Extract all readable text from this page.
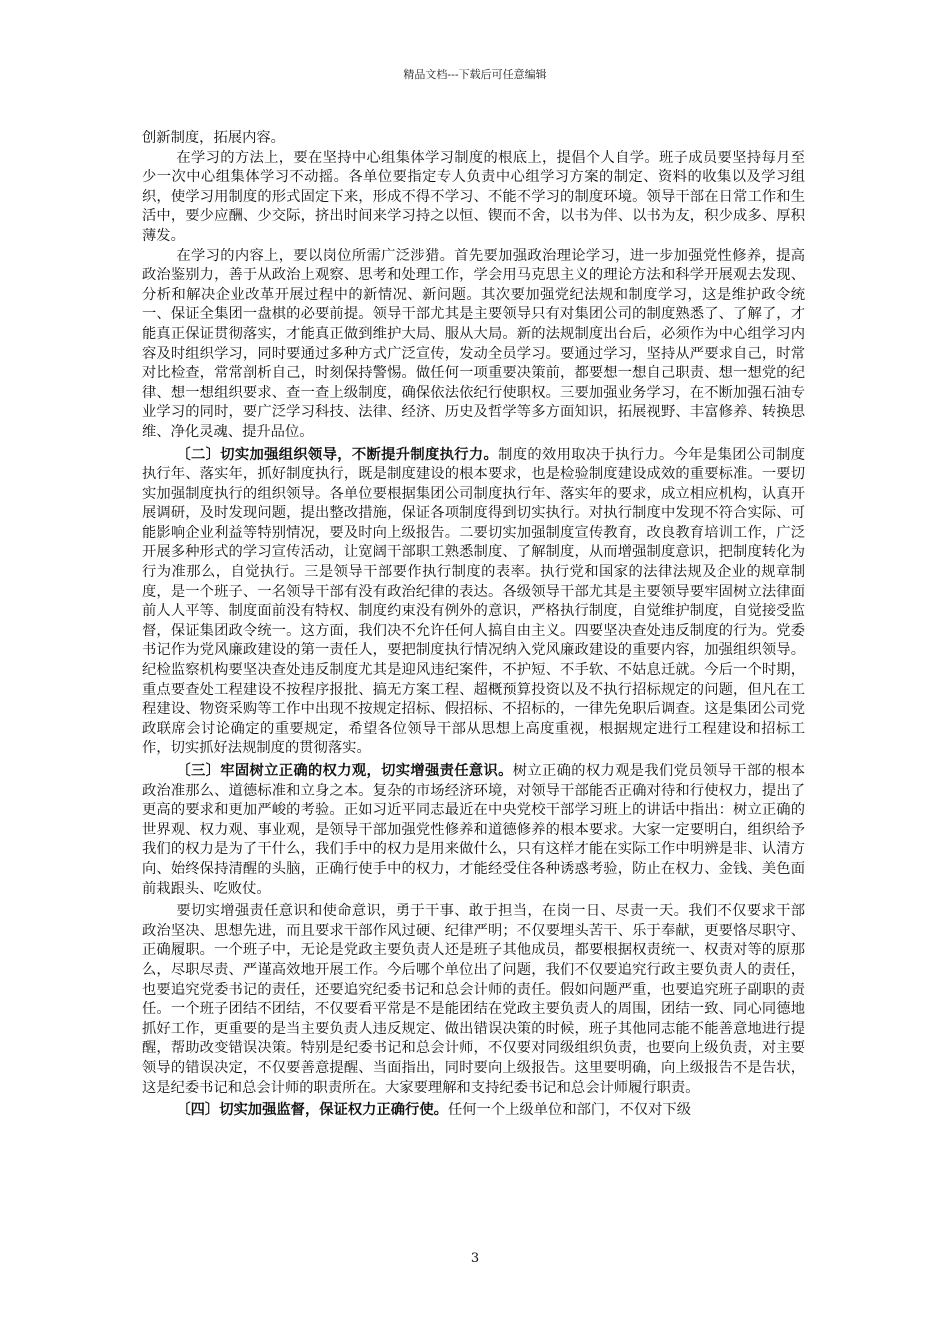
精品文档---下载后可任意编辑

创新制度，拓展内容。

在学习的方法上，要在坚持中心组集体学习制度的根底上，提倡个人自学。班子成员要坚持每月至少一次中心组集体学习不动摇。各单位要指定专人负责中心组学习方案的制定、资料的收集以及学习组织，使学习用制度的形式固定下来，形成不得不学习、不能不学习的制度环境。领导干部在日常工作和生活中，要少应酬、少交际，挤出时间来学习持之以恒、锲而不舍，以书为伴、以书为友，积少成多、厚积薄发。

在学习的内容上，要以岗位所需广泛涉猎。首先要加强政治理论学习，进一步加强党性修养，提高政治鉴别力，善于从政治上观察、思考和处理工作，学会用马克思主义的理论方法和科学开展观去发现、分析和解决企业改革开展过程中的新情况、新问题。其次要加强党纪法规和制度学习，这是维护政令统一、保证全集团一盘棋的必要前提。领导干部尤其是主要领导只有对集团公司的制度熟悉了、了解了，才能真正保证贯彻落实，才能真正做到维护大局、服从大局。新的法规制度出台后，必须作为中心组学习内容及时组织学习，同时要通过多种方式广泛宣传，发动全员学习。要通过学习，坚持从严要求自己，时常对比检查，常常剖析自己，时刻保持警惕。做任何一项重要决策前，都要想一想自己职责、想一想党的纪律、想一想组织要求、查一查上级制度，确保依法依纪行使职权。三要加强业务学习，在不断加强石油专业学习的同时，要广泛学习科技、法律、经济、历史及哲学等多方面知识，拓展视野、丰富修养、转换思维、净化灵魂、提升品位。

〔二〕切实加强组织领导，不断提升制度执行力。制度的效用取决于执行力。今年是集团公司制度执行年、落实年，抓好制度执行，既是制度建设的根本要求，也是检验制度建设成效的重要标准。一要切实加强制度执行的组织领导。各单位要根据集团公司制度执行年、落实年的要求，成立相应机构，认真开展调研，及时发现问题，提出整改措施，保证各项制度得到切实执行。对执行制度中发现不符合实际、可能影响企业利益等特别情况，要及时向上级报告。二要切实加强制度宣传教育，改良教育培训工作，广泛开展多种形式的学习宣传活动，让宽阔干部职工熟悉制度、了解制度，从而增强制度意识，把制度转化为行为准那么，自觉执行。三是领导干部要作执行制度的表率。执行党和国家的法律法规及企业的规章制度，是一个班子、一名领导干部有没有政治纪律的表达。各级领导干部尤其是主要领导要牢固树立法律面前人人平等、制度面前没有特权、制度约束没有例外的意识，严格执行制度，自觉维护制度，自觉接受监督，保证集团政令统一。这方面，我们决不允许任何人搞自由主义。四要坚决查处违反制度的行为。党委书记作为党风廉政建设的第一责任人，要把制度执行情况纳入党风廉政建设的重要内容，加强组织领导。纪检监察机构要坚决查处违反制度尤其是迎风违纪案件，不护短、不手软、不姑息迁就。今后一个时期，重点要查处工程建设不按程序报批、搞无方案工程、超概预算投资以及不执行招标规定的问题，但凡在工程建设、物资采购等工作中出现不按规定招标、假招标、不招标的，一律先免职后调查。这是集团公司党政联席会讨论确定的重要规定，希望各位领导干部从思想上高度重视，根据规定进行工程建设和招标工作，切实抓好法规制度的贯彻落实。

〔三〕牢固树立正确的权力观，切实增强责任意识。树立正确的权力观是我们党员领导干部的根本政治准那么、道德标准和立身之本。复杂的市场经济环境，对领导干部能否正确对待和行使权力，提出了更高的要求和更加严峻的考验。正如习近平同志最近在中央党校干部学习班上的讲话中指出：树立正确的世界观、权力观、事业观，是领导干部加强党性修养和道德修养的根本要求。大家一定要明白，组织给予我们的权力是为了干什么，我们手中的权力是用来做什么，只有这样才能在实际工作中明辨是非、认清方向、始终保持清醒的头脑，正确行使手中的权力，才能经受住各种诱惑考验，防止在权力、金钱、美色面前栽跟头、吃败仗。

要切实增强责任意识和使命意识，勇于干事、敢于担当，在岗一日、尽责一天。我们不仅要求干部政治坚决、思想先进，而且要求干部作风过硬、纪律严明；不仅要埋头苦干、乐于奉献，更要恪尽职守、正确履职。一个班子中，无论是党政主要负责人还是班子其他成员，都要根据权责统一、权责对等的原那么，尽职尽责、严谨高效地开展工作。今后哪个单位出了问题，我们不仅要追究行政主要负责人的责任，也要追究党委书记的责任，还要追究纪委书记和总会计师的责任。假如问题严重，也要追究班子副职的责任。一个班子团结不团结，不仅要看平常是不是能团结在党政主要负责人的周围，团结一致、同心同德地抓好工作，更重要的是当主要负责人违反规定、做出错误决策的时候，班子其他同志能不能善意地进行提醒，帮助改变错误决策。特别是纪委书记和总会计师，不仅要对同级组织负责，也要向上级负责，对主要领导的错误决定，不仅要善意提醒、当面指出，同时要向上级报告。这里要明确，向上级报告不是告状，这是纪委书记和总会计师的职责所在。大家要理解和支持纪委书记和总会计师履行职责。

〔四〕切实加强监督，保证权力正确行使。任何一个上级单位和部门，不仅对下级

3
